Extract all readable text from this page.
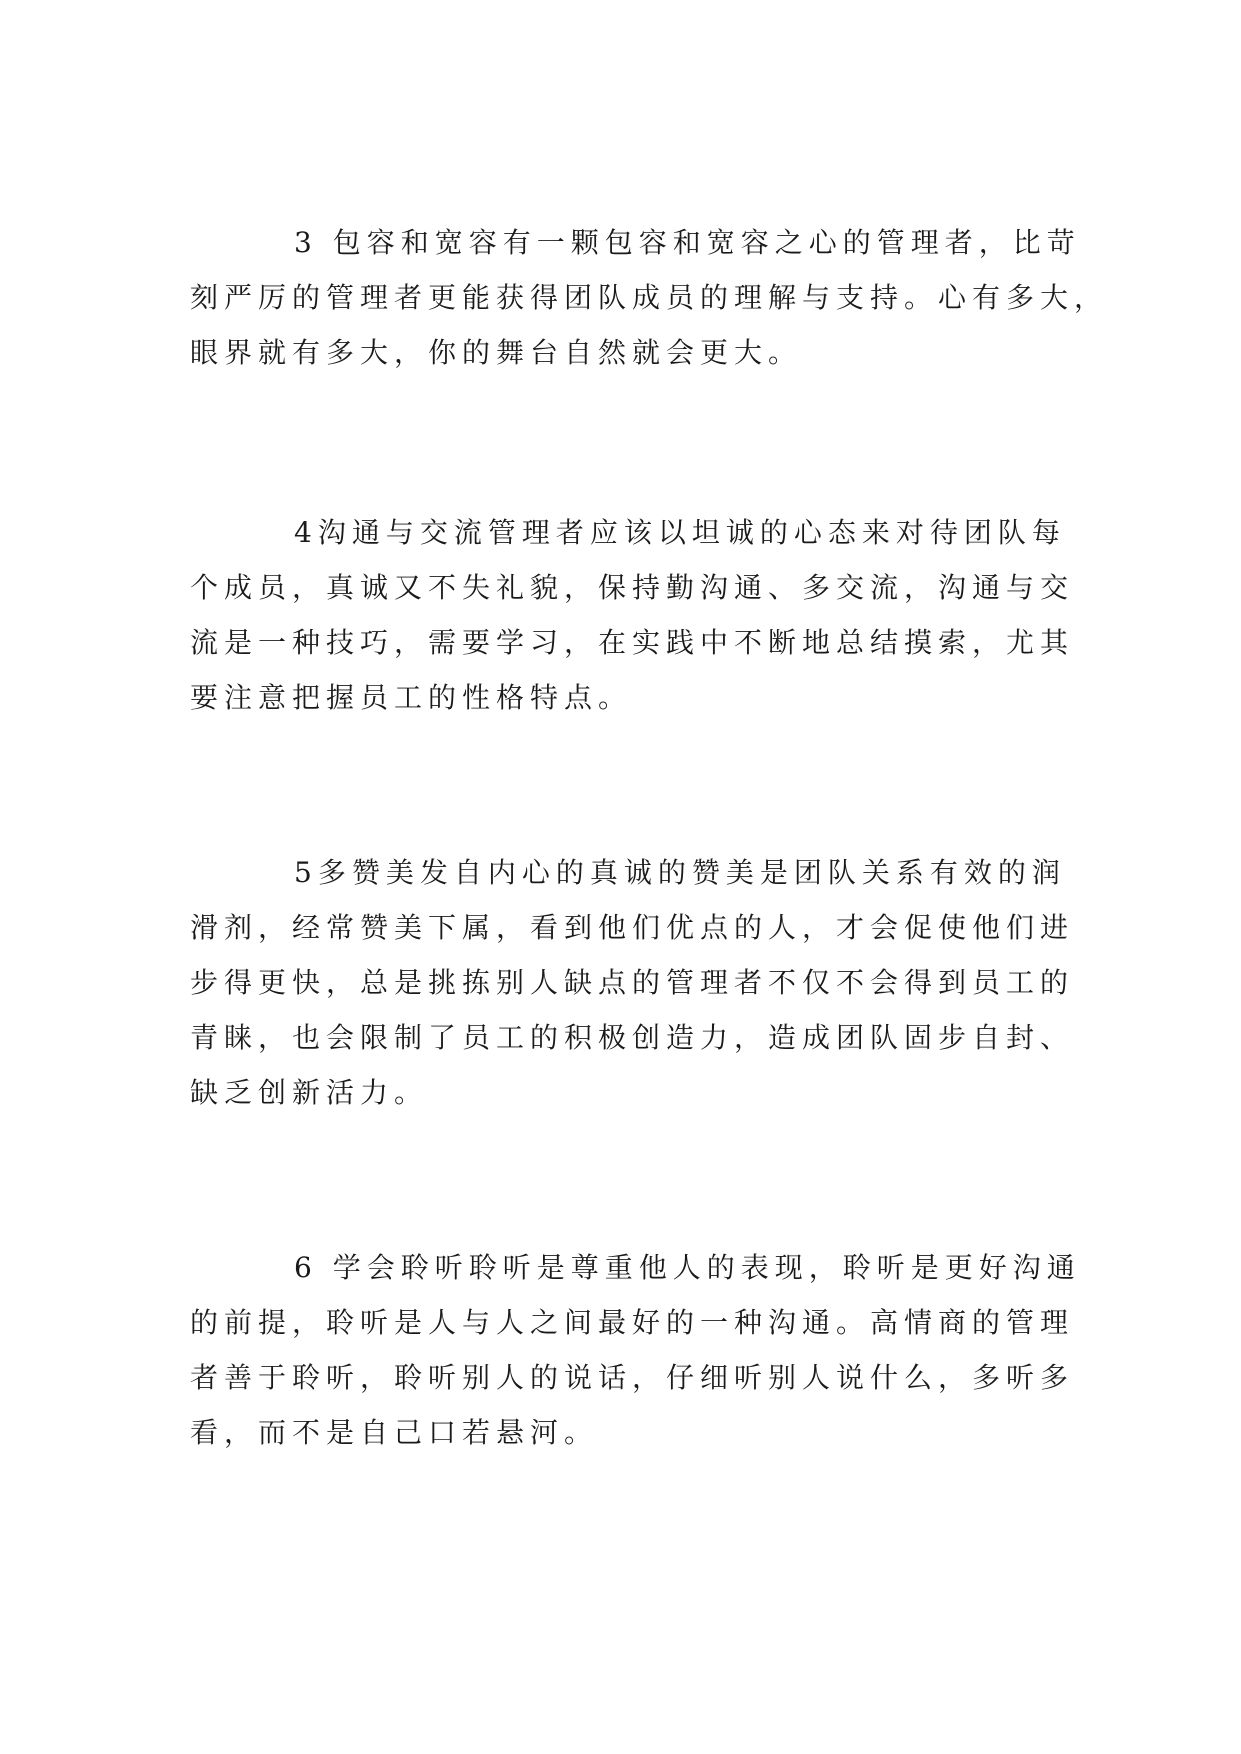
3 包容和宽容有一颗包容和宽容之心的管理者，比苛
刻严厉的管理者更能获得团队成员的理解与支持。心有多大，
眼界就有多大，你的舞台自然就会更大。

4沟通与交流管理者应该以坦诚的心态来对待团队每
个成员，真诚又不失礼貌，保持勤沟通、多交流，沟通与交
流是一种技巧，需要学习，在实践中不断地总结摸索，尤其
要注意把握员工的性格特点。

5多赞美发自内心的真诚的赞美是团队关系有效的润
滑剂，经常赞美下属，看到他们优点的人，才会促使他们进
步得更快，总是挑拣别人缺点的管理者不仅不会得到员工的
青睐，也会限制了员工的积极创造力，造成团队固步自封、
缺乏创新活力。

6 学会聆听聆听是尊重他人的表现，聆听是更好沟通
的前提，聆听是人与人之间最好的一种沟通。高情商的管理
者善于聆听，聆听别人的说话，仔细听别人说什么，多听多
看，而不是自己口若悬河。
